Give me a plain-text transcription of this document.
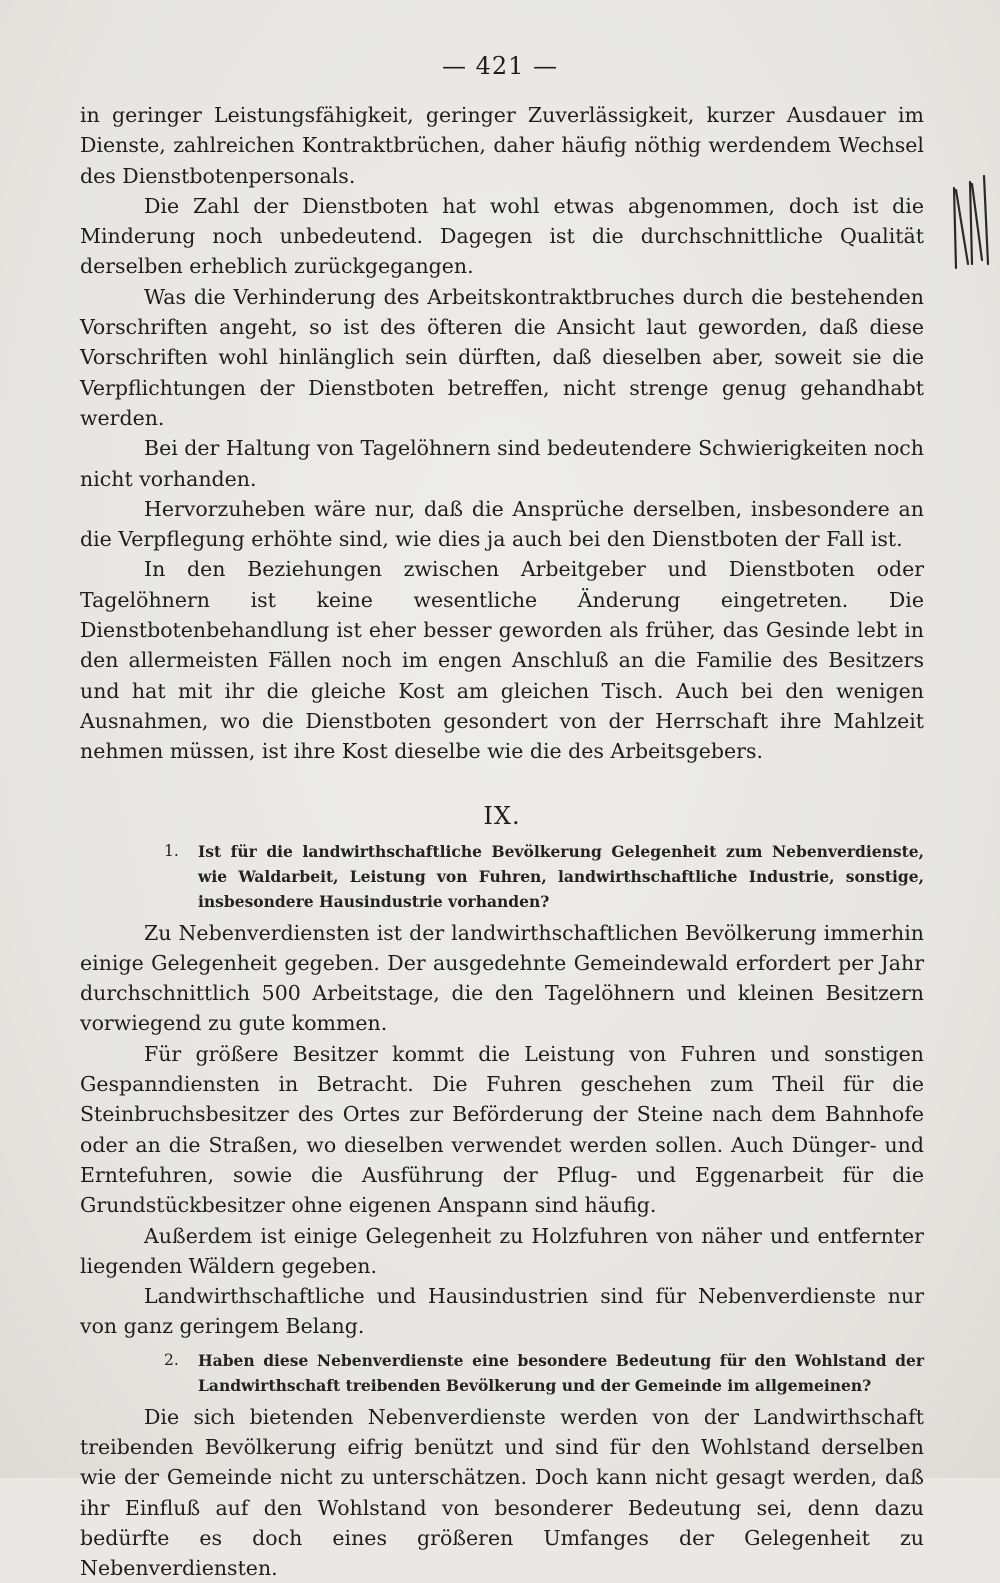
— 421 —

in geringer Leistungsfähigkeit, geringer Zuverlässigkeit, kurzer Ausdauer im Dienste, zahlreichen Kontraktbrüchen, daher häufig nöthig werdendem Wechsel des Dienstbotenpersonals.

Die Zahl der Dienstboten hat wohl etwas abgenommen, doch ist die Minderung noch unbedeutend. Dagegen ist die durchschnittliche Qualität derselben erheblich zurückgegangen.

Was die Verhinderung des Arbeitskontraktbruches durch die bestehenden Vorschriften angeht, so ist des öfteren die Ansicht laut geworden, daß diese Vorschriften wohl hinlänglich sein dürften, daß dieselben aber, soweit sie die Verpflichtungen der Dienstboten betreffen, nicht strenge genug gehandhabt werden.

Bei der Haltung von Tagelöhnern sind bedeutendere Schwierigkeiten noch nicht vorhanden.

Hervorzuheben wäre nur, daß die Ansprüche derselben, insbesondere an die Verpflegung erhöhte sind, wie dies ja auch bei den Dienstboten der Fall ist.

In den Beziehungen zwischen Arbeitgeber und Dienstboten oder Tagelöhnern ist keine wesentliche Änderung eingetreten. Die Dienstbotenbehandlung ist eher besser geworden als früher, das Gesinde lebt in den allermeisten Fällen noch im engen Anschluß an die Familie des Besitzers und hat mit ihr die gleiche Kost am gleichen Tisch. Auch bei den wenigen Ausnahmen, wo die Dienstboten gesondert von der Herrschaft ihre Mahlzeit nehmen müssen, ist ihre Kost dieselbe wie die des Arbeitsgebers.

IX.
1. Ist für die landwirthschaftliche Bevölkerung Gelegenheit zum Nebenverdienste, wie Waldarbeit, Leistung von Fuhren, landwirthschaftliche Industrie, sonstige, insbesondere Hausindustrie vorhanden?

Zu Nebenverdiensten ist der landwirthschaftlichen Bevölkerung immerhin einige Gelegenheit gegeben. Der ausgedehnte Gemeindewald erfordert per Jahr durchschnittlich 500 Arbeitstage, die den Tagelöhnern und kleinen Besitzern vorwiegend zu gute kommen.

Für größere Besitzer kommt die Leistung von Fuhren und sonstigen Gespanndiensten in Betracht. Die Fuhren geschehen zum Theil für die Steinbruchsbesitzer des Ortes zur Beförderung der Steine nach dem Bahnhofe oder an die Straßen, wo dieselben verwendet werden sollen. Auch Dünger- und Erntefuhren, sowie die Ausführung der Pflug- und Eggenarbeit für die Grundstückbesitzer ohne eigenen Anspann sind häufig.

Außerdem ist einige Gelegenheit zu Holzfuhren von näher und entfernter liegenden Wäldern gegeben.

Landwirthschaftliche und Hausindustrien sind für Nebenverdienste nur von ganz geringem Belang.

2. Haben diese Nebenverdienste eine besondere Bedeutung für den Wohlstand der Landwirthschaft treibenden Bevölkerung und der Gemeinde im allgemeinen?

Die sich bietenden Nebenverdienste werden von der Landwirthschaft treibenden Bevölkerung eifrig benützt und sind für den Wohlstand derselben wie der Gemeinde nicht zu unterschätzen. Doch kann nicht gesagt werden, daß ihr Einfluß auf den Wohlstand von besonderer Bedeutung sei, denn dazu bedürfte es doch eines größeren Umfanges der Gelegenheit zu Nebenverdiensten.
